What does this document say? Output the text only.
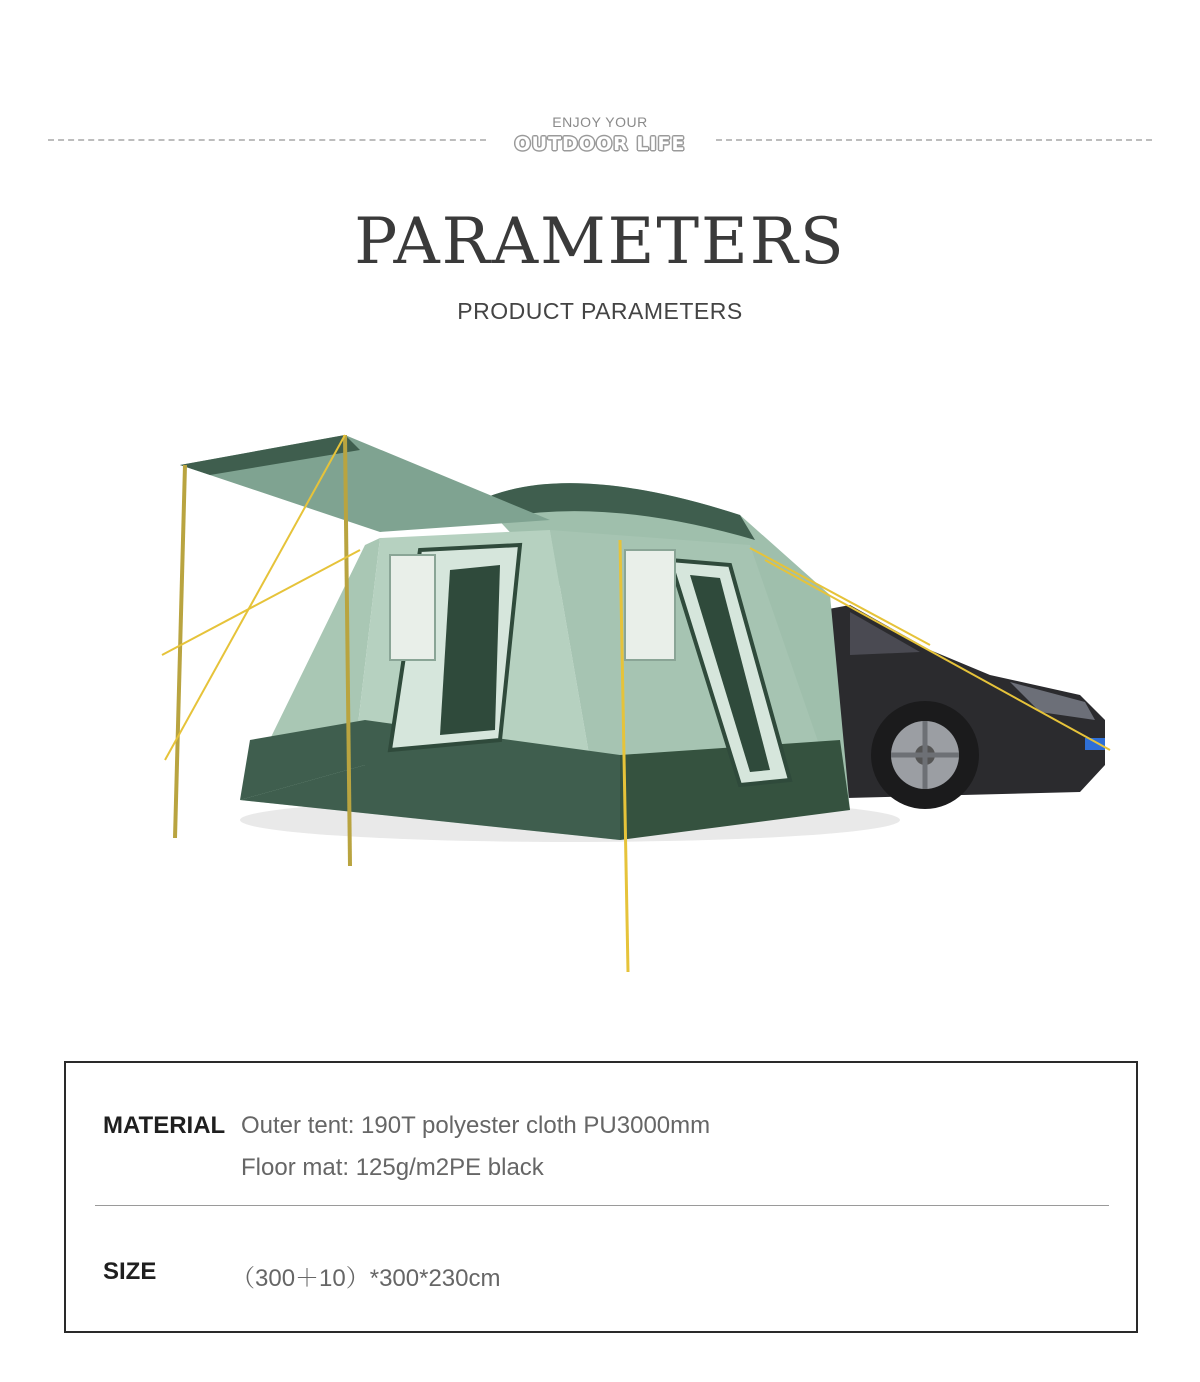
ENJOY YOUR
OUTDOOR LIFE
PARAMETERS
PRODUCT PARAMETERS
MATERIAL Outer tent: 190T polyester cloth PU3000mm
Floor mat: 125g/m2PE black
SIZE	（300＋10）*300*230cm
